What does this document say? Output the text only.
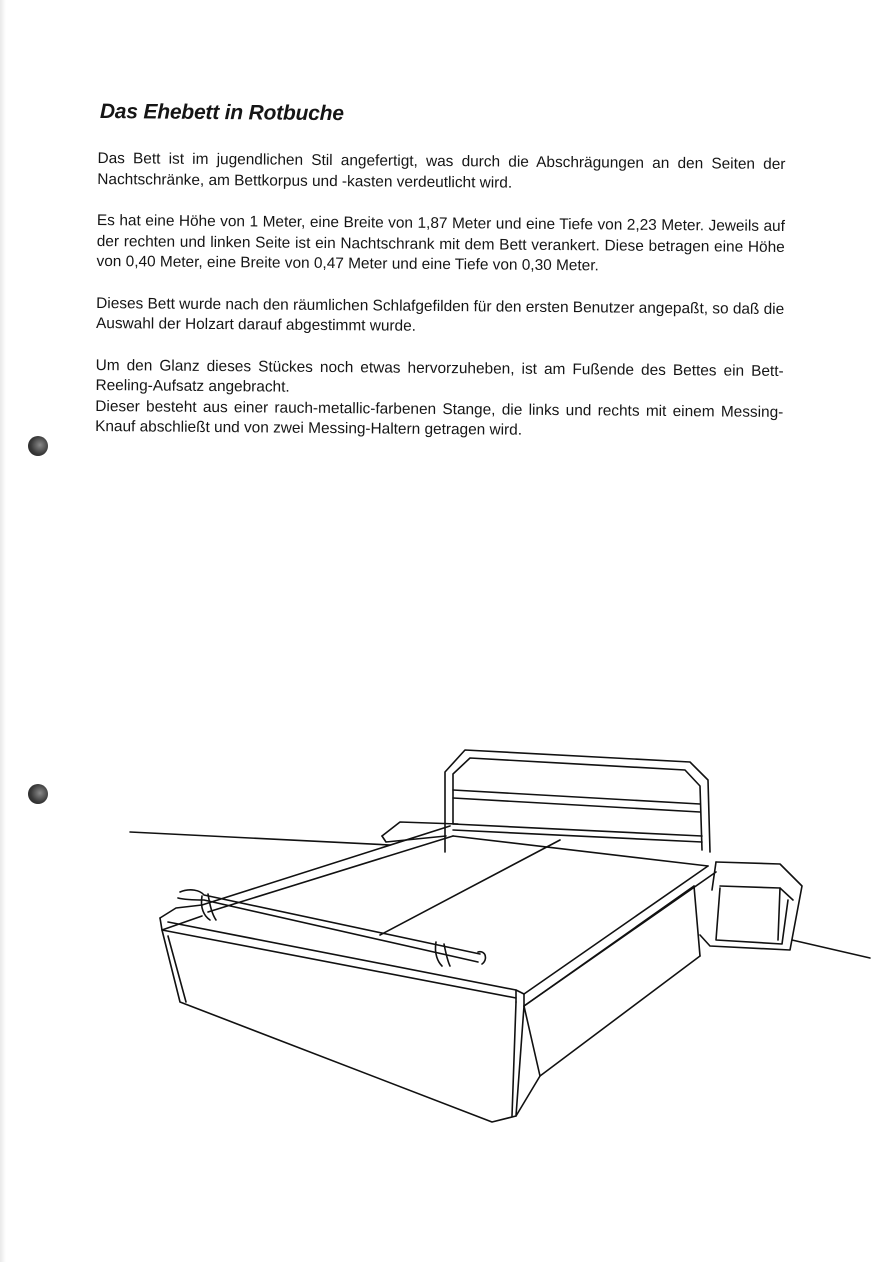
Das Ehebett in Rotbuche

Das Bett ist im jugendlichen Stil angefertigt, was durch die Abschrägungen an den Seiten der Nachtschränke, am Bettkorpus und -kasten verdeutlicht wird.

Es hat eine Höhe von 1 Meter, eine Breite von 1,87 Meter und eine Tiefe von 2,23 Meter. Jeweils auf der rechten und linken Seite ist ein Nachtschrank mit dem Bett verankert. Diese betragen eine Höhe von 0,40 Meter, eine Breite von 0,47 Meter und eine Tiefe von 0,30 Meter.

Dieses Bett wurde nach den räumlichen Schlafgefilden für den ersten Benutzer angepaßt, so daß die Auswahl der Holzart darauf abgestimmt wurde.

Um den Glanz dieses Stückes noch etwas hervorzuheben, ist am Fußende des Bettes ein Bett-Reeling-Aufsatz angebracht.

Dieser besteht aus einer rauch-metallic-farbenen Stange, die links und rechts mit einem Messing-Knauf abschließt und von zwei Messing-Haltern getragen wird.
